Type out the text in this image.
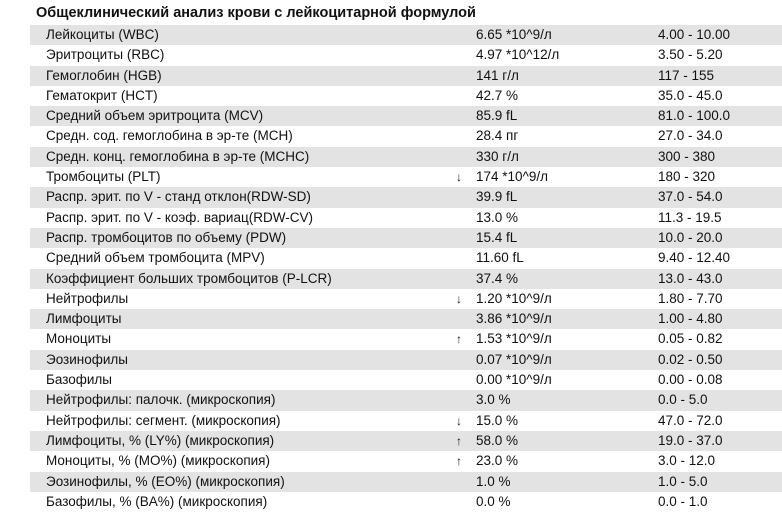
Общеклинический анализ крови с лейкоцитарной формулой
Лейкоциты (WBC)	6.65 *10^9/л	4.00 - 10.00
Эритроциты (RBC)	4.97 *10^12/л	3.50 - 5.20
Гемоглобин (HGB)	141 г/л	117 - 155
Гематокрит (HCT)	42.7 %	35.0 - 45.0
Средний объем эритроцита (MCV)	85.9 fL	81.0 - 100.0
Средн. сод. гемоглобина в эр-те (MCH)	28.4 пг	27.0 - 34.0
Средн. конц. гемоглобина в эр-те (MCHC)	330 г/л	300 - 380
Тромбоциты (PLT)	↓ 174 *10^9/л	180 - 320
Распр. эрит. по V - станд отклон(RDW-SD)	39.9 fL	37.0 - 54.0
Распр. эрит. по V - коэф. вариац(RDW-CV)	13.0 %	11.3 - 19.5
Распр. тромбоцитов по объему (PDW)	15.4 fL	10.0 - 20.0
Средний объем тромбоцита (MPV)	11.60 fL	9.40 - 12.40
Коэффициент больших тромбоцитов (P-LCR)	37.4 %	13.0 - 43.0
Нейтрофилы	↓ 1.20 *10^9/л	1.80 - 7.70
Лимфоциты	3.86 *10^9/л	1.00 - 4.80
Моноциты	↑ 1.53 *10^9/л	0.05 - 0.82
Эозинофилы	0.07 *10^9/л	0.02 - 0.50
Базофилы	0.00 *10^9/л	0.00 - 0.08
Нейтрофилы: палочк. (микроскопия)	3.0 %	0.0 - 5.0
Нейтрофилы: сегмент. (микроскопия)	↓ 15.0 %	47.0 - 72.0
Лимфоциты, % (LY%) (микроскопия)	↑ 58.0 %	19.0 - 37.0
Моноциты, % (MO%) (микроскопия)	↑ 23.0 %	3.0 - 12.0
Эозинофилы, % (EO%) (микроскопия)	1.0 %	1.0 - 5.0
Базофилы, % (BA%) (микроскопия)	0.0 %	0.0 - 1.0
